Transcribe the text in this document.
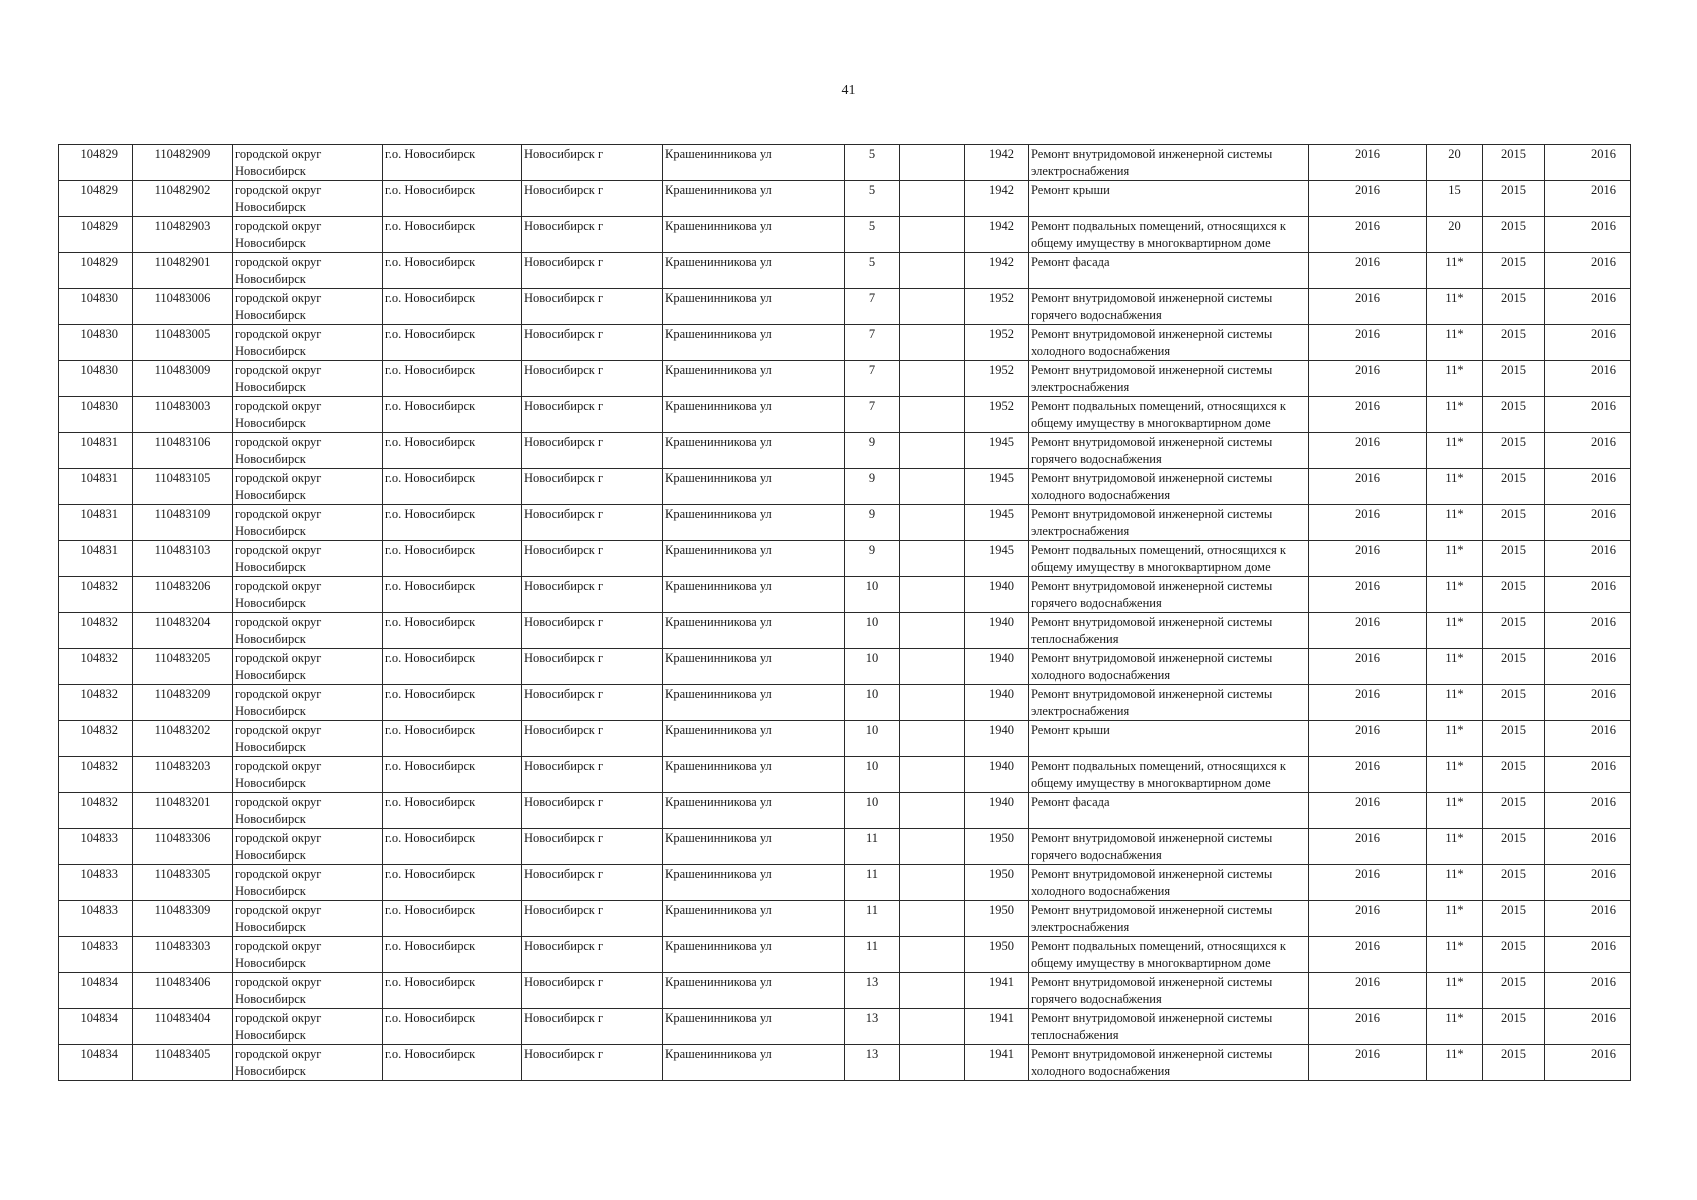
41
104829	110482909	городской округ Новосибирск	г.о. Новосибирск	Новосибирск г	Крашенинникова ул	5		1942	Ремонт внутридомовой инженерной системы электроснабжения	2016	20	2015	2016
104829	110482902	городской округ Новосибирск	г.о. Новосибирск	Новосибирск г	Крашенинникова ул	5		1942	Ремонт крыши	2016	15	2015	2016
104829	110482903	городской округ Новосибирск	г.о. Новосибирск	Новосибирск г	Крашенинникова ул	5		1942	Ремонт подвальных помещений, относящихся к общему имуществу в многоквартирном доме	2016	20	2015	2016
104829	110482901	городской округ Новосибирск	г.о. Новосибирск	Новосибирск г	Крашенинникова ул	5		1942	Ремонт фасада	2016	11*	2015	2016
104830	110483006	городской округ Новосибирск	г.о. Новосибирск	Новосибирск г	Крашенинникова ул	7		1952	Ремонт внутридомовой инженерной системы горячего водоснабжения	2016	11*	2015	2016
104830	110483005	городской округ Новосибирск	г.о. Новосибирск	Новосибирск г	Крашенинникова ул	7		1952	Ремонт внутридомовой инженерной системы холодного водоснабжения	2016	11*	2015	2016
104830	110483009	городской округ Новосибирск	г.о. Новосибирск	Новосибирск г	Крашенинникова ул	7		1952	Ремонт внутридомовой инженерной системы электроснабжения	2016	11*	2015	2016
104830	110483003	городской округ Новосибирск	г.о. Новосибирск	Новосибирск г	Крашенинникова ул	7		1952	Ремонт подвальных помещений, относящихся к общему имуществу в многоквартирном доме	2016	11*	2015	2016
104831	110483106	городской округ Новосибирск	г.о. Новосибирск	Новосибирск г	Крашенинникова ул	9		1945	Ремонт внутридомовой инженерной системы горячего водоснабжения	2016	11*	2015	2016
104831	110483105	городской округ Новосибирск	г.о. Новосибирск	Новосибирск г	Крашенинникова ул	9		1945	Ремонт внутридомовой инженерной системы холодного водоснабжения	2016	11*	2015	2016
104831	110483109	городской округ Новосибирск	г.о. Новосибирск	Новосибирск г	Крашенинникова ул	9		1945	Ремонт внутридомовой инженерной системы электроснабжения	2016	11*	2015	2016
104831	110483103	городской округ Новосибирск	г.о. Новосибирск	Новосибирск г	Крашенинникова ул	9		1945	Ремонт подвальных помещений, относящихся к общему имуществу в многоквартирном доме	2016	11*	2015	2016
104832	110483206	городской округ Новосибирск	г.о. Новосибирск	Новосибирск г	Крашенинникова ул	10		1940	Ремонт внутридомовой инженерной системы горячего водоснабжения	2016	11*	2015	2016
104832	110483204	городской округ Новосибирск	г.о. Новосибирск	Новосибирск г	Крашенинникова ул	10		1940	Ремонт внутридомовой инженерной системы теплоснабжения	2016	11*	2015	2016
104832	110483205	городской округ Новосибирск	г.о. Новосибирск	Новосибирск г	Крашенинникова ул	10		1940	Ремонт внутридомовой инженерной системы холодного водоснабжения	2016	11*	2015	2016
104832	110483209	городской округ Новосибирск	г.о. Новосибирск	Новосибирск г	Крашенинникова ул	10		1940	Ремонт внутридомовой инженерной системы электроснабжения	2016	11*	2015	2016
104832	110483202	городской округ Новосибирск	г.о. Новосибирск	Новосибирск г	Крашенинникова ул	10		1940	Ремонт крыши	2016	11*	2015	2016
104832	110483203	городской округ Новосибирск	г.о. Новосибирск	Новосибирск г	Крашенинникова ул	10		1940	Ремонт подвальных помещений, относящихся к общему имуществу в многоквартирном доме	2016	11*	2015	2016
104832	110483201	городской округ Новосибирск	г.о. Новосибирск	Новосибирск г	Крашенинникова ул	10		1940	Ремонт фасада	2016	11*	2015	2016
104833	110483306	городской округ Новосибирск	г.о. Новосибирск	Новосибирск г	Крашенинникова ул	11		1950	Ремонт внутридомовой инженерной системы горячего водоснабжения	2016	11*	2015	2016
104833	110483305	городской округ Новосибирск	г.о. Новосибирск	Новосибирск г	Крашенинникова ул	11		1950	Ремонт внутридомовой инженерной системы холодного водоснабжения	2016	11*	2015	2016
104833	110483309	городской округ Новосибирск	г.о. Новосибирск	Новосибирск г	Крашенинникова ул	11		1950	Ремонт внутридомовой инженерной системы электроснабжения	2016	11*	2015	2016
104833	110483303	городской округ Новосибирск	г.о. Новосибирск	Новосибирск г	Крашенинникова ул	11		1950	Ремонт подвальных помещений, относящихся к общему имуществу в многоквартирном доме	2016	11*	2015	2016
104834	110483406	городской округ Новосибирск	г.о. Новосибирск	Новосибирск г	Крашенинникова ул	13		1941	Ремонт внутридомовой инженерной системы горячего водоснабжения	2016	11*	2015	2016
104834	110483404	городской округ Новосибирск	г.о. Новосибирск	Новосибирск г	Крашенинникова ул	13		1941	Ремонт внутридомовой инженерной системы теплоснабжения	2016	11*	2015	2016
104834	110483405	городской округ Новосибирск	г.о. Новосибирск	Новосибирск г	Крашенинникова ул	13		1941	Ремонт внутридомовой инженерной системы холодного водоснабжения	2016	11*	2015	2016
